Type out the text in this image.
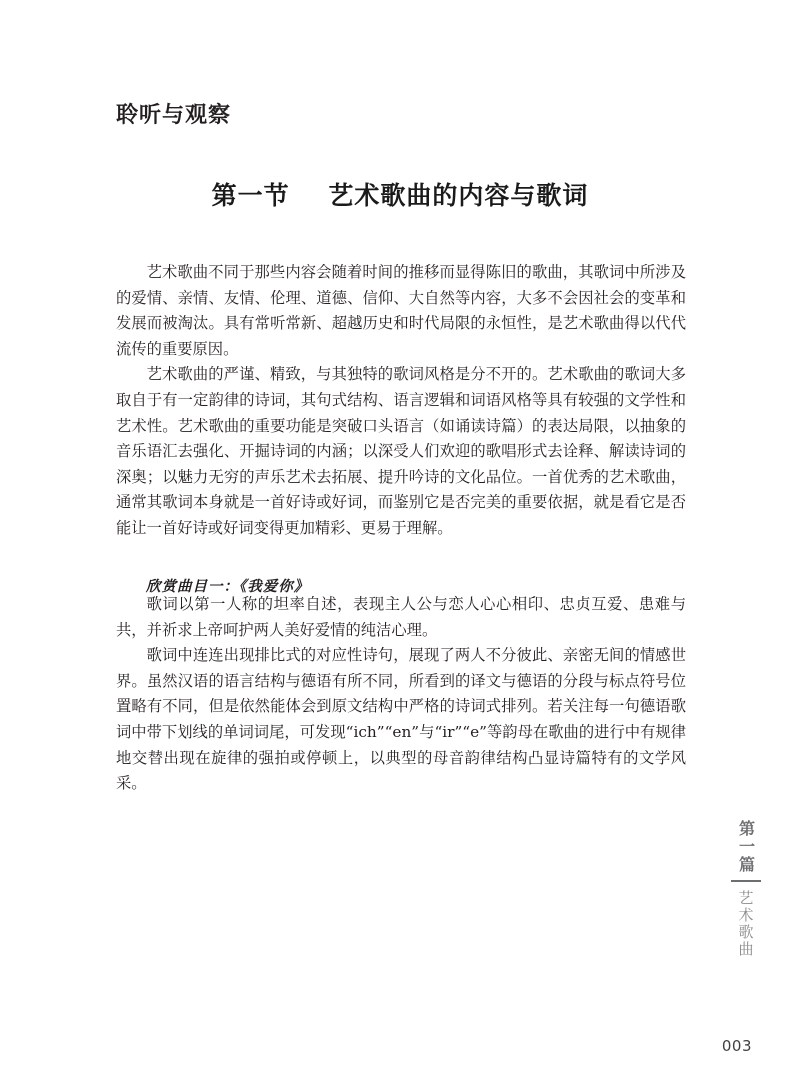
聆听与观察
第一节    艺术歌曲的内容与歌词

艺术歌曲不同于那些内容会随着时间的推移而显得陈旧的歌曲，其歌词中所涉及的爱情、亲情、友情、伦理、道德、信仰、大自然等内容，大多不会因社会的变革和发展而被淘汰。具有常听常新、超越历史和时代局限的永恒性，是艺术歌曲得以代代流传的重要原因。

艺术歌曲的严谨、精致，与其独特的歌词风格是分不开的。艺术歌曲的歌词大多取自于有一定韵律的诗词，其句式结构、语言逻辑和词语风格等具有较强的文学性和艺术性。艺术歌曲的重要功能是突破口头语言（如诵读诗篇）的表达局限，以抽象的音乐语汇去强化、开掘诗词的内涵；以深受人们欢迎的歌唱形式去诠释、解读诗词的深奥；以魅力无穷的声乐艺术去拓展、提升吟诗的文化品位。一首优秀的艺术歌曲，通常其歌词本身就是一首好诗或好词，而鉴别它是否完美的重要依据，就是看它是否能让一首好诗或好词变得更加精彩、更易于理解。

欣赏曲目一：《我爱你》

歌词以第一人称的坦率自述，表现主人公与恋人心心相印、忠贞互爱、患难与共，并祈求上帝呵护两人美好爱情的纯洁心理。

歌词中连连出现排比式的对应性诗句，展现了两人不分彼此、亲密无间的情感世界。虽然汉语的语言结构与德语有所不同，所看到的译文与德语的分段与标点符号位置略有不同，但是依然能体会到原文结构中严格的诗词式排列。若关注每一句德语歌词中带下划线的单词词尾，可发现“ich”“en”与“ir”“e”等韵母在歌曲的进行中有规律地交替出现在旋律的强拍或停顿上，以典型的母音韵律结构凸显诗篇特有的文学风采。

第一篇
艺术歌曲
003
